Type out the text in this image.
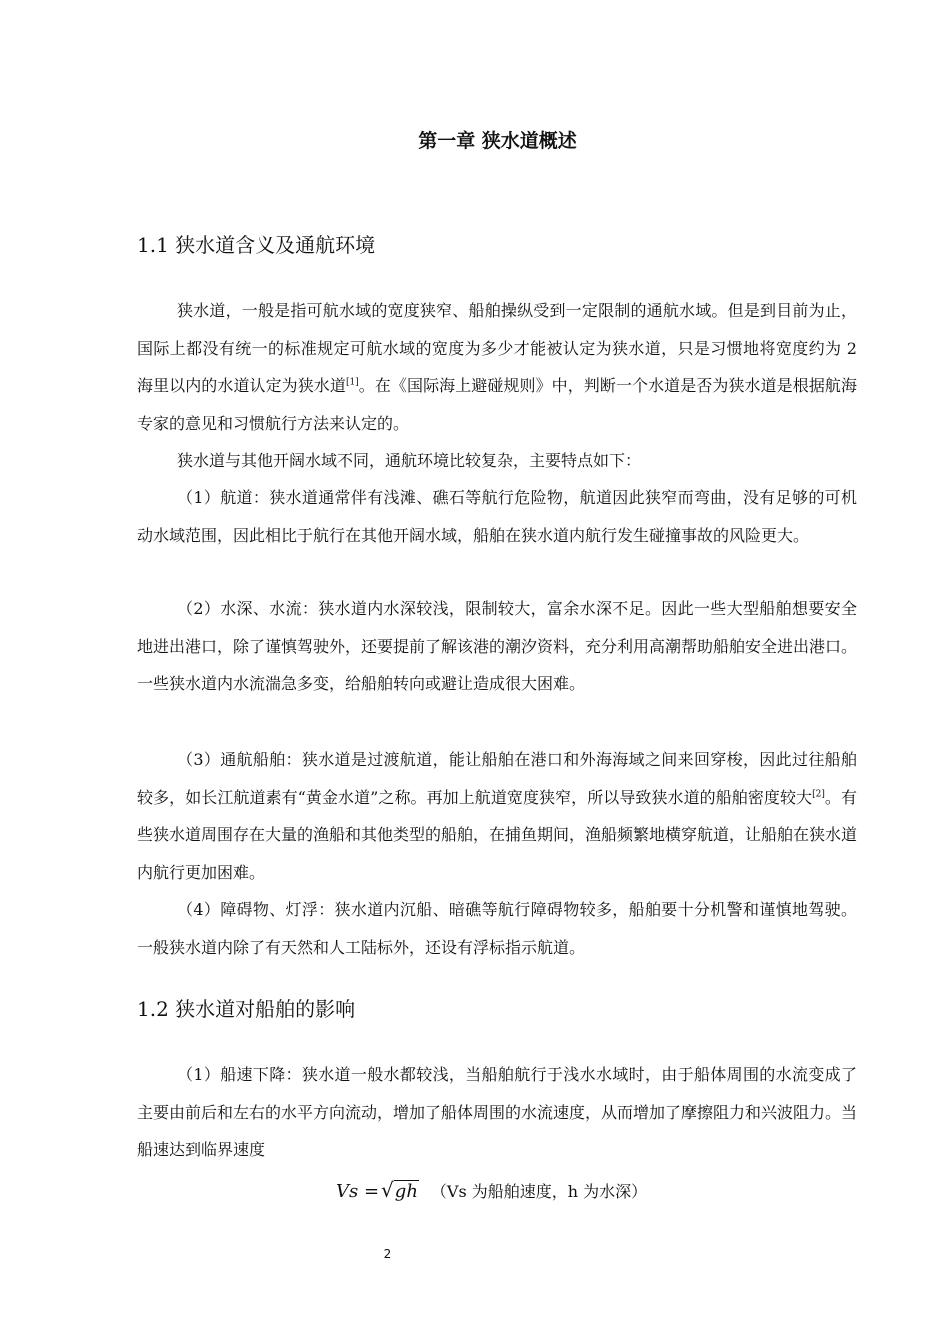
第一章 狭水道概述
1.1 狭水道含义及通航环境

狭水道，一般是指可航水域的宽度狭窄、船舶操纵受到一定限制的通航水域。但是到目前为止，国际上都没有统一的标准规定可航水域的宽度为多少才能被认定为狭水道，只是习惯地将宽度约为 2 海里以内的水道认定为狭水道[1]。在《国际海上避碰规则》中，判断一个水道是否为狭水道是根据航海专家的意见和习惯航行方法来认定的。

狭水道与其他开阔水域不同，通航环境比较复杂，主要特点如下：

（1）航道：狭水道通常伴有浅滩、礁石等航行危险物，航道因此狭窄而弯曲，没有足够的可机动水域范围，因此相比于航行在其他开阔水域，船舶在狭水道内航行发生碰撞事故的风险更大。

（2）水深、水流：狭水道内水深较浅，限制较大，富余水深不足。因此一些大型船舶想要安全地进出港口，除了谨慎驾驶外，还要提前了解该港的潮汐资料，充分利用高潮帮助船舶安全进出港口。一些狭水道内水流湍急多变，给船舶转向或避让造成很大困难。

（3）通航船舶：狭水道是过渡航道，能让船舶在港口和外海海域之间来回穿梭，因此过往船舶较多，如长江航道素有“黄金水道”之称。再加上航道宽度狭窄，所以导致狭水道的船舶密度较大[2]。有些狭水道周围存在大量的渔船和其他类型的船舶，在捕鱼期间，渔船频繁地横穿航道，让船舶在狭水道内航行更加困难。

（4）障碍物、灯浮：狭水道内沉船、暗礁等航行障碍物较多，船舶要十分机警和谨慎地驾驶。一般狭水道内除了有天然和人工陆标外，还设有浮标指示航道。

1.2 狭水道对船舶的影响

（1）船速下降：狭水道一般水都较浅，当船舶航行于浅水水域时，由于船体周围的水流变成了主要由前后和左右的水平方向流动，增加了船体周围的水流速度，从而增加了摩擦阻力和兴波阻力。当船速达到临界速度

Vs = √gh （Vs 为船舶速度，h 为水深）
2
